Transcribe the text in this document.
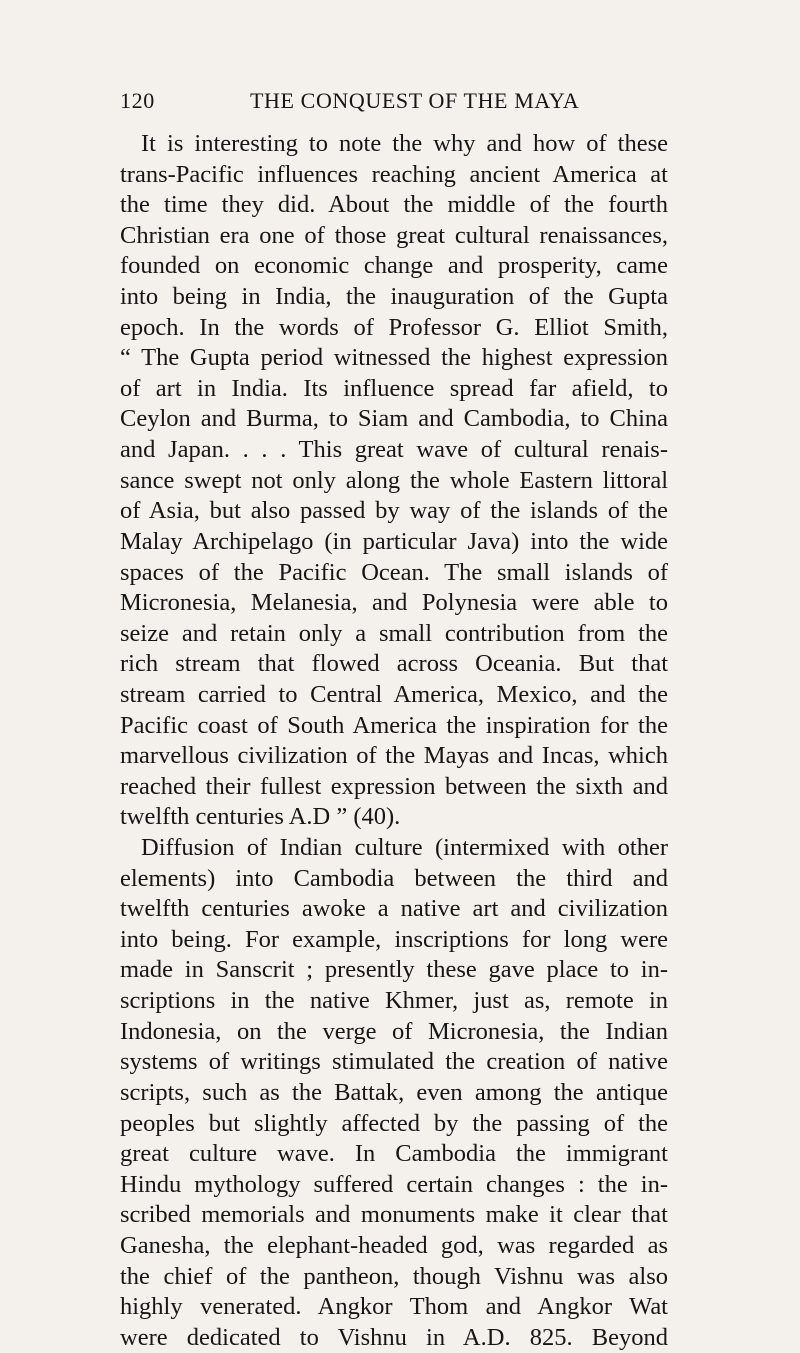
120	THE CONQUEST OF THE MAYA
It is interesting to note the why and how of these
trans-Pacific influences reaching ancient America at
the time they did. About the middle of the fourth
Christian era one of those great cultural renaissances,
founded on economic change and prosperity, came
into being in India, the inauguration of the Gupta
epoch. In the words of Professor G. Elliot Smith,
“ The Gupta period witnessed the highest expression
of art in India. Its influence spread far afield, to
Ceylon and Burma, to Siam and Cambodia, to China
and Japan. . . . This great wave of cultural renais-
sance swept not only along the whole Eastern littoral
of Asia, but also passed by way of the islands of the
Malay Archipelago (in particular Java) into the wide
spaces of the Pacific Ocean. The small islands of
Micronesia, Melanesia, and Polynesia were able to
seize and retain only a small contribution from the
rich stream that flowed across Oceania. But that
stream carried to Central America, Mexico, and the
Pacific coast of South America the inspiration for the
marvellous civilization of the Mayas and Incas, which
reached their fullest expression between the sixth and
twelfth centuries A.D ” (40).
Diffusion of Indian culture (intermixed with other
elements) into Cambodia between the third and
twelfth centuries awoke a native art and civilization
into being. For example, inscriptions for long were
made in Sanscrit ; presently these gave place to in-
scriptions in the native Khmer, just as, remote in
Indonesia, on the verge of Micronesia, the Indian
systems of writings stimulated the creation of native
scripts, such as the Battak, even among the antique
peoples but slightly affected by the passing of the
great culture wave. In Cambodia the immigrant
Hindu mythology suffered certain changes : the in-
scribed memorials and monuments make it clear that
Ganesha, the elephant-headed god, was regarded as
the chief of the pantheon, though Vishnu was also
highly venerated. Angkor Thom and Angkor Wat
were dedicated to Vishnu in A.D. 825. Beyond
